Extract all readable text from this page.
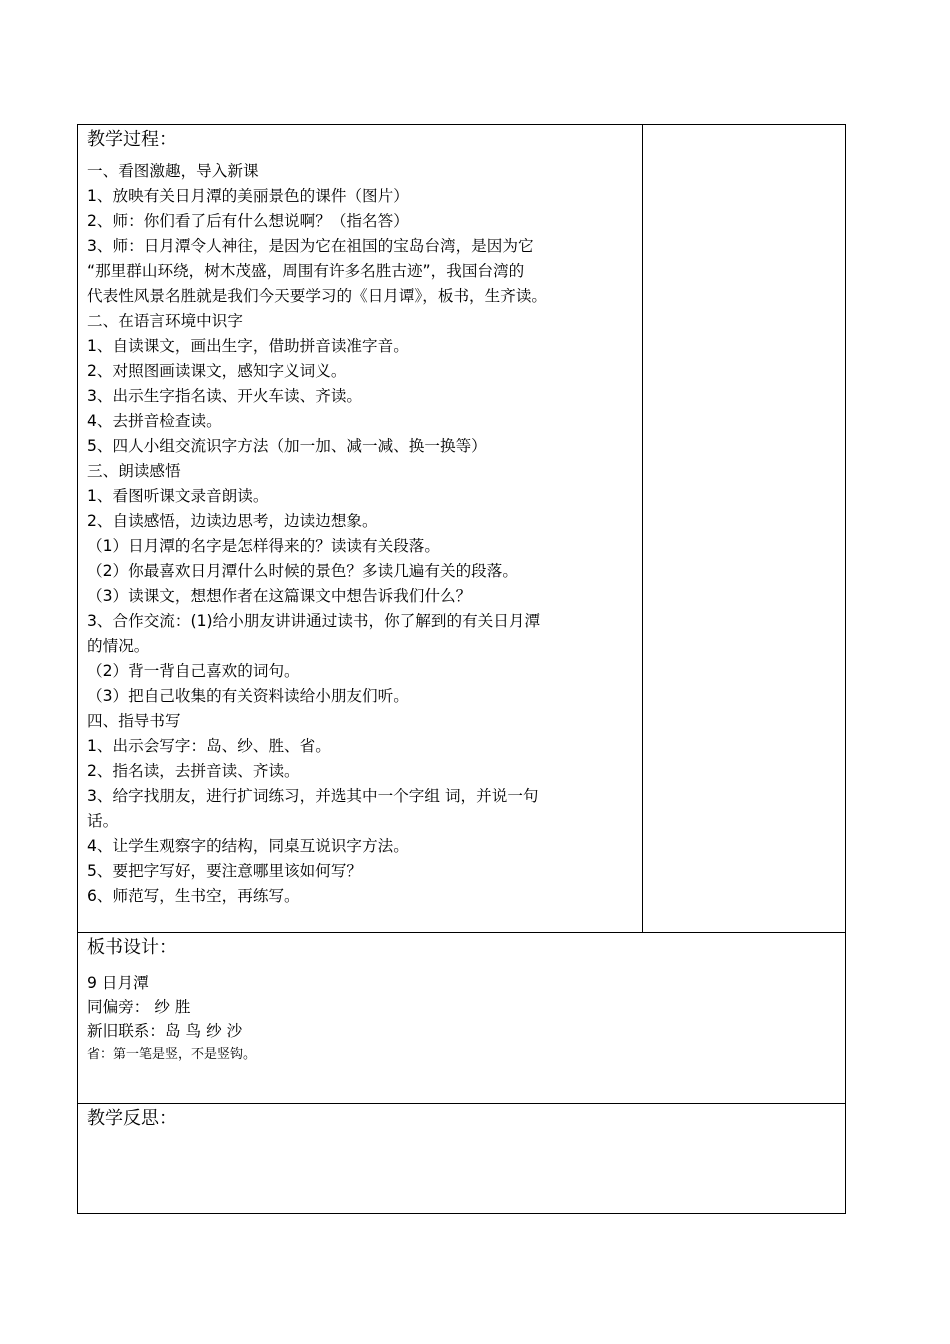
教学过程：
一、看图激趣，导入新课
1、放映有关日月潭的美丽景色的课件（图片）
2、师：你们看了后有什么想说啊？（指名答）
3、师：日月潭令人神往，是因为它在祖国的宝岛台湾，是因为它
“那里群山环绕，树木茂盛，周围有许多名胜古迹”，我国台湾的
代表性风景名胜就是我们今天要学习的《日月谭》，板书，生齐读。
二、在语言环境中识字
1、自读课文，画出生字，借助拼音读准字音。
2、对照图画读课文，感知字义词义。
3、出示生字指名读、开火车读、齐读。
4、去拼音检查读。
5、四人小组交流识字方法（加一加、减一减、换一换等）
三、朗读感悟
1、看图听课文录音朗读。
2、自读感悟，边读边思考，边读边想象。
（1）日月潭的名字是怎样得来的？读读有关段落。
（2）你最喜欢日月潭什么时候的景色？多读几遍有关的段落。
（3）读课文，想想作者在这篇课文中想告诉我们什么？
3、合作交流：(1)给小朋友讲讲通过读书，你了解到的有关日月潭
的情况。
（2）背一背自己喜欢的词句。
（3）把自己收集的有关资料读给小朋友们听。
四、指导书写
1、出示会写字：岛、纱、胜、省。
2、指名读，去拼音读、齐读。
3、给字找朋友，进行扩词练习，并选其中一个字组 词，并说一句
话。
4、让学生观察字的结构，同桌互说识字方法。
5、要把字写好，要注意哪里该如何写？
6、师范写，生书空，再练写。
板书设计：
9 日月潭
同偏旁： 纱 胜
新旧联系：岛 鸟 纱 沙
省：第一笔是竖，不是竖钩。
教学反思：
